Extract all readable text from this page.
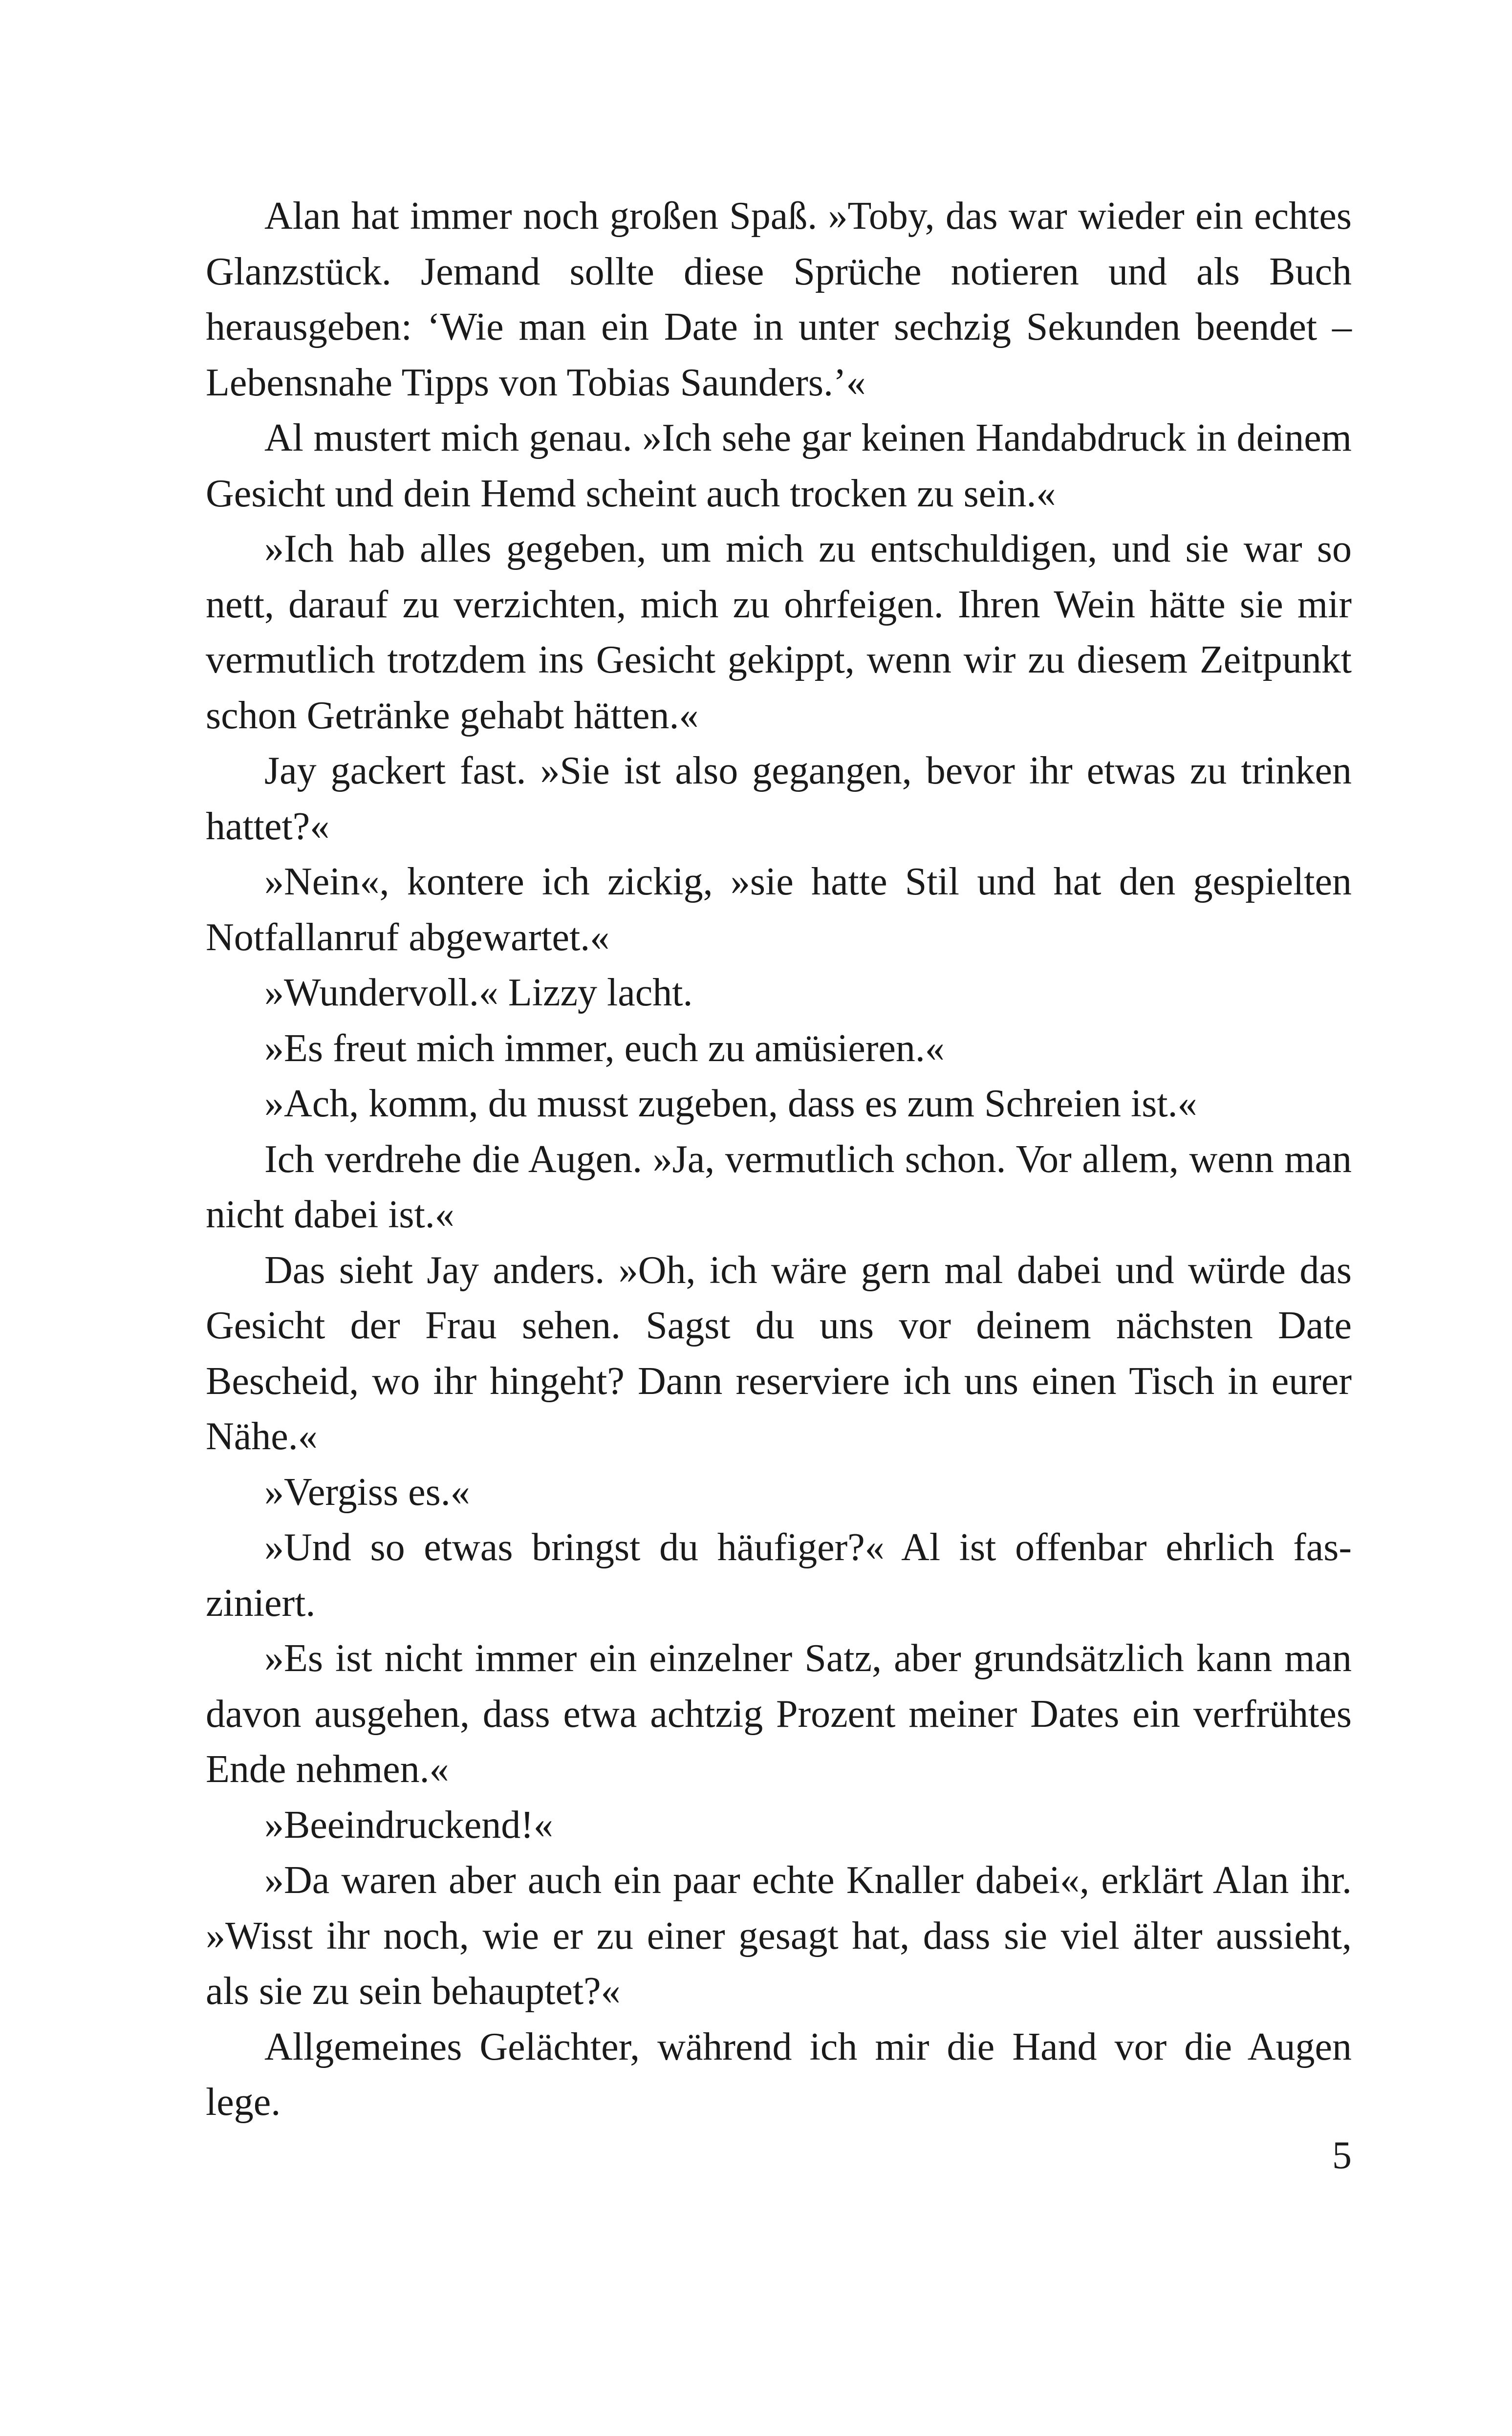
Alan hat immer noch großen Spaß. »Toby, das war wieder ein echtes Glanzstück. Jemand sollte diese Sprüche notieren und als Buch herausgeben: ‘Wie man ein Date in unter sechzig Sekunden beendet – Lebensnahe Tipps von Tobias Saunders.’«

Al mustert mich genau. »Ich sehe gar keinen Handabdruck in deinem Gesicht und dein Hemd scheint auch trocken zu sein.«

»Ich hab alles gegeben, um mich zu entschuldigen, und sie war so nett, darauf zu verzichten, mich zu ohrfeigen. Ihren Wein hätte sie mir vermutlich trotzdem ins Gesicht gekippt, wenn wir zu diesem Zeitpunkt schon Getränke gehabt hätten.«

Jay gackert fast. »Sie ist also gegangen, bevor ihr etwas zu trinken hattet?«

»Nein«, kontere ich zickig, »sie hatte Stil und hat den gespielten Notfallanruf abgewartet.«

»Wundervoll.« Lizzy lacht.

»Es freut mich immer, euch zu amüsieren.«

»Ach, komm, du musst zugeben, dass es zum Schreien ist.«

Ich verdrehe die Augen. »Ja, vermutlich schon. Vor allem, wenn man nicht dabei ist.«

Das sieht Jay anders. »Oh, ich wäre gern mal dabei und würde das Gesicht der Frau sehen. Sagst du uns vor deinem nächsten Date Bescheid, wo ihr hingeht? Dann reserviere ich uns einen Tisch in eurer Nähe.«

»Vergiss es.«

»Und so etwas bringst du häufiger?« Al ist offenbar ehrlich fasziniert.

»Es ist nicht immer ein einzelner Satz, aber grundsätzlich kann man davon ausgehen, dass etwa achtzig Prozent meiner Dates ein verfrühtes Ende nehmen.«

»Beeindruckend!«

»Da waren aber auch ein paar echte Knaller dabei«, erklärt Alan ihr. »Wisst ihr noch, wie er zu einer gesagt hat, dass sie viel älter aussieht, als sie zu sein behauptet?«

Allgemeines Gelächter, während ich mir die Hand vor die Augen lege.

5
